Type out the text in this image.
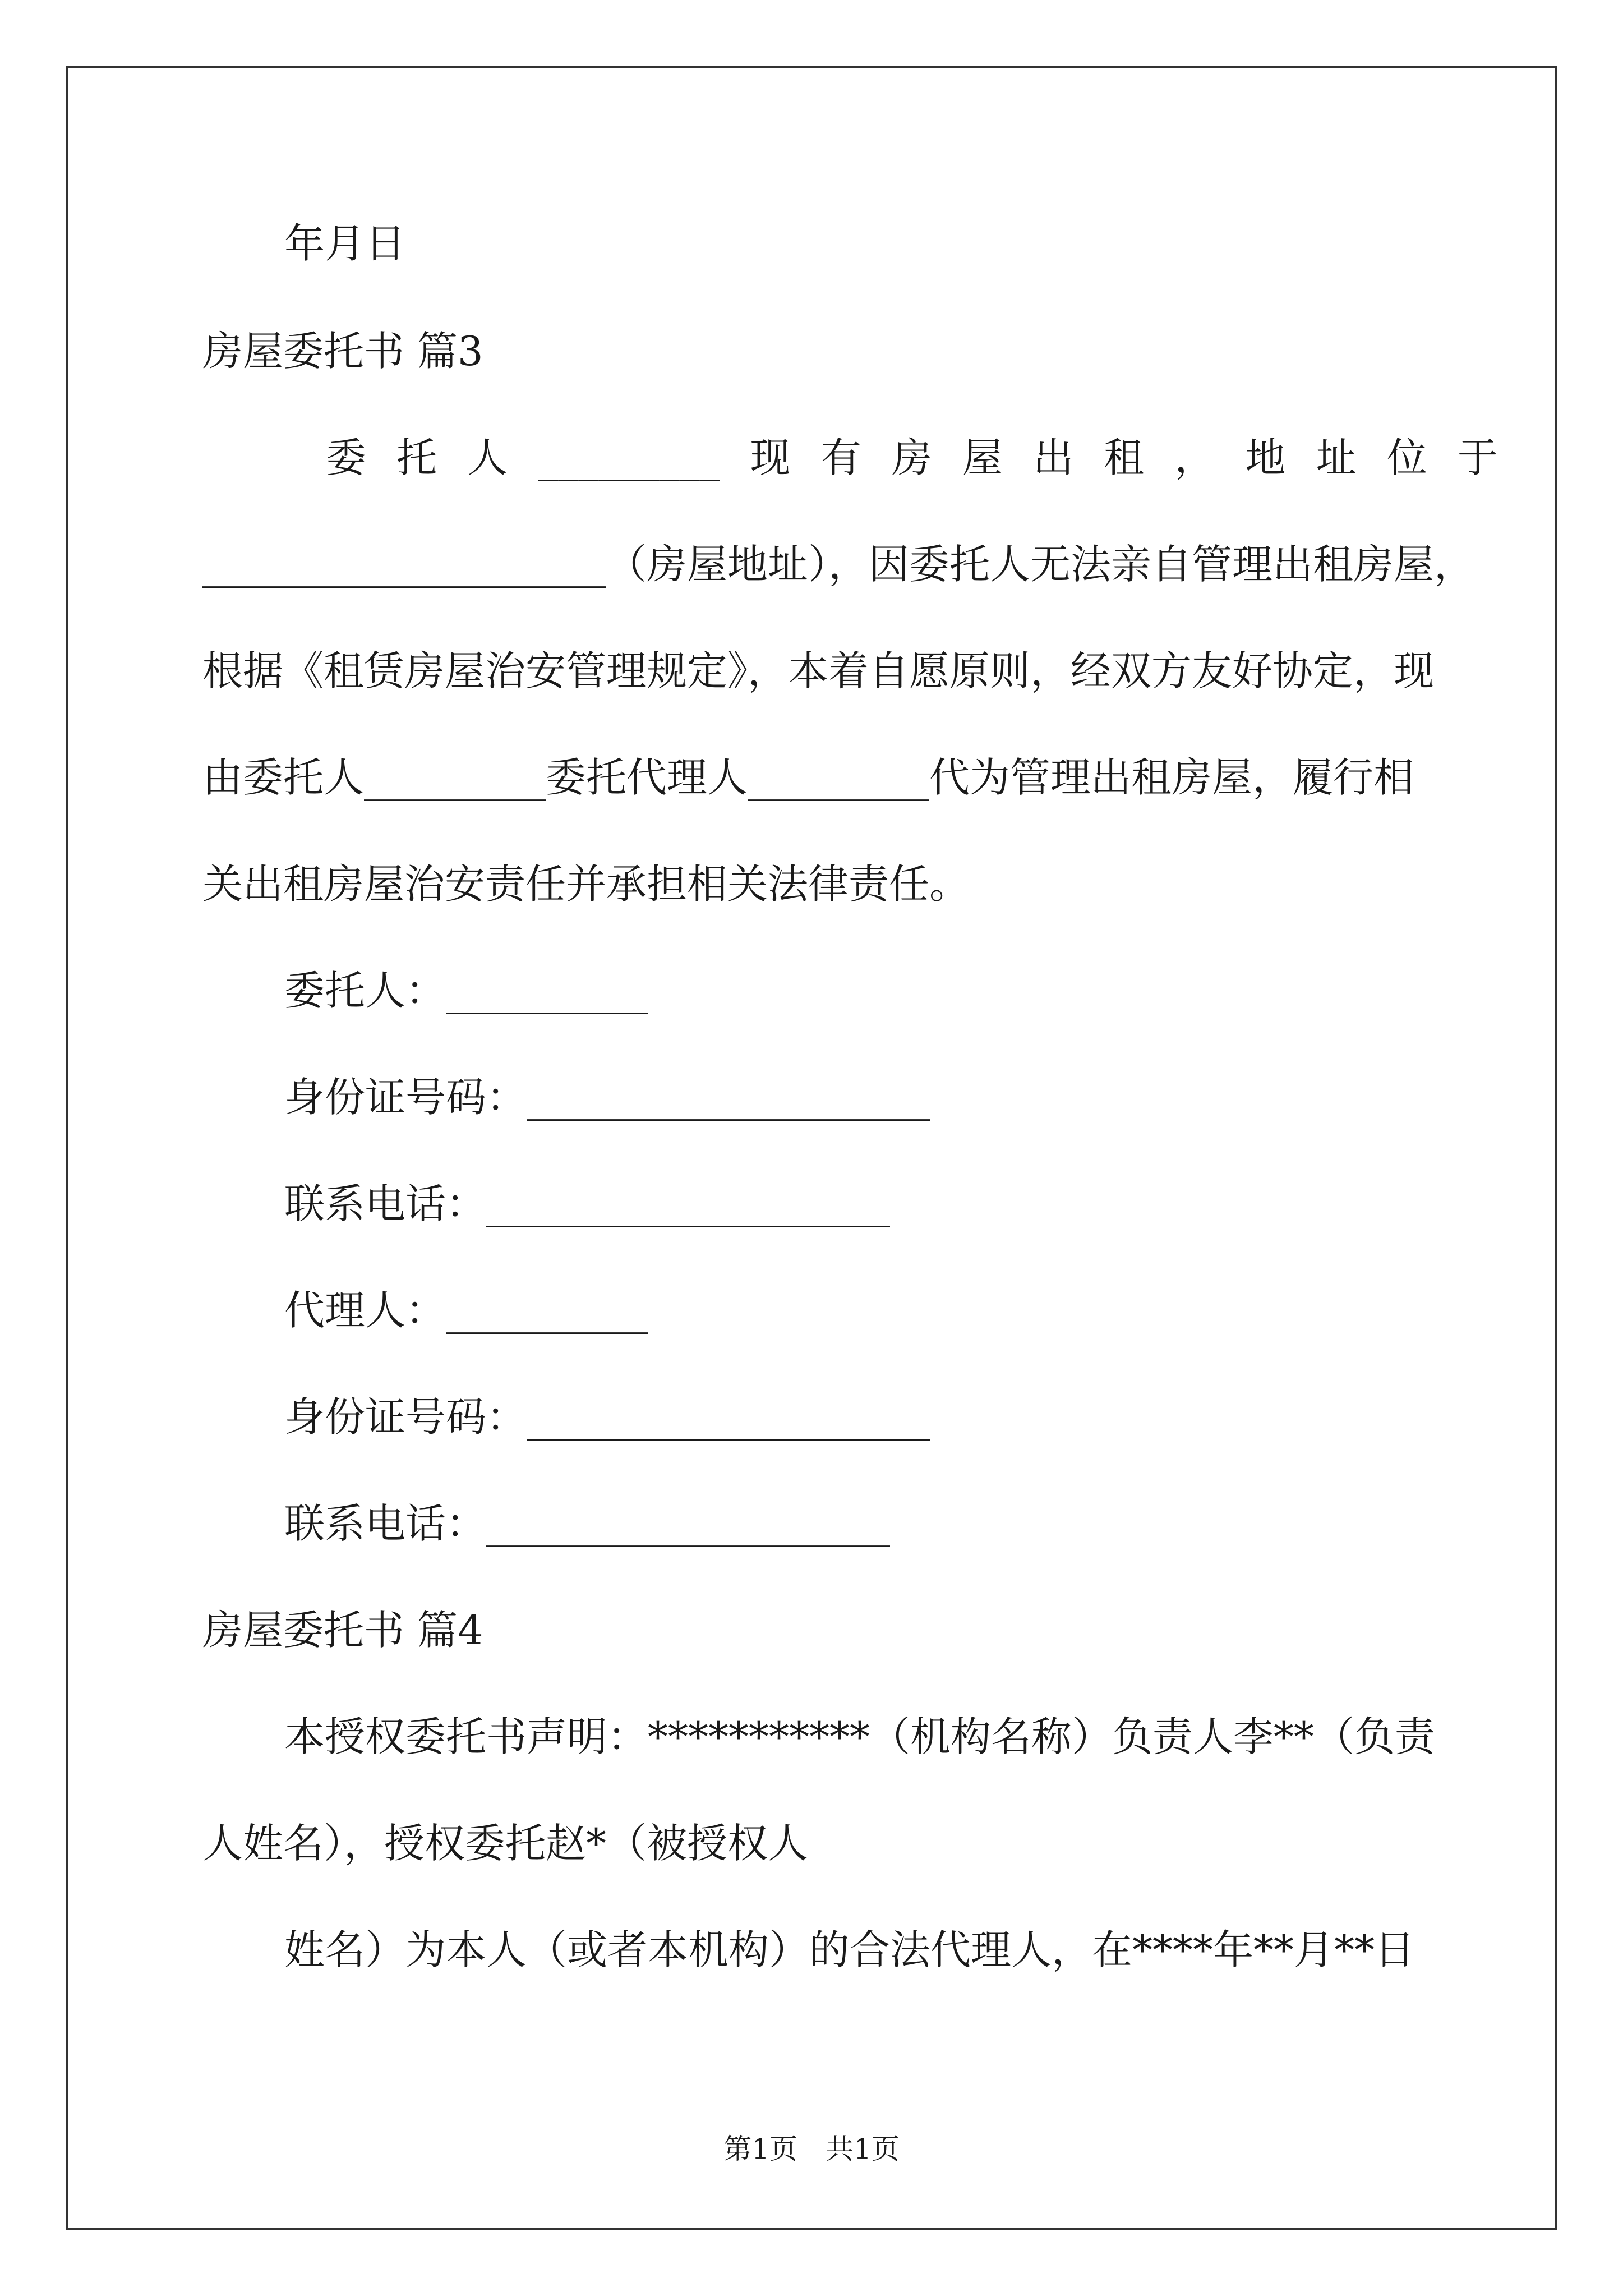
年月日
房屋委托书 篇3
委 托 人 _________ 现 有 房 屋 出 租 ， 地 址 位 于
____________________（房屋地址），因委托人无法亲自管理出租房屋，
根据《租赁房屋治安管理规定》，本着自愿原则，经双方友好协定，现
由委托人_________委托代理人_________代为管理出租房屋，履行相
关出租房屋治安责任并承担相关法律责任。
委托人：__________
身份证号码：____________________
联系电话：____________________
代理人：__________
身份证号码：____________________
联系电话：____________________
房屋委托书 篇4
本授权委托书声明：***********（机构名称）负责人李**（负责
人姓名），授权委托赵*（被授权人
姓名）为本人（或者本机构）的合法代理人，在****年**月**日
第1页　共1页
